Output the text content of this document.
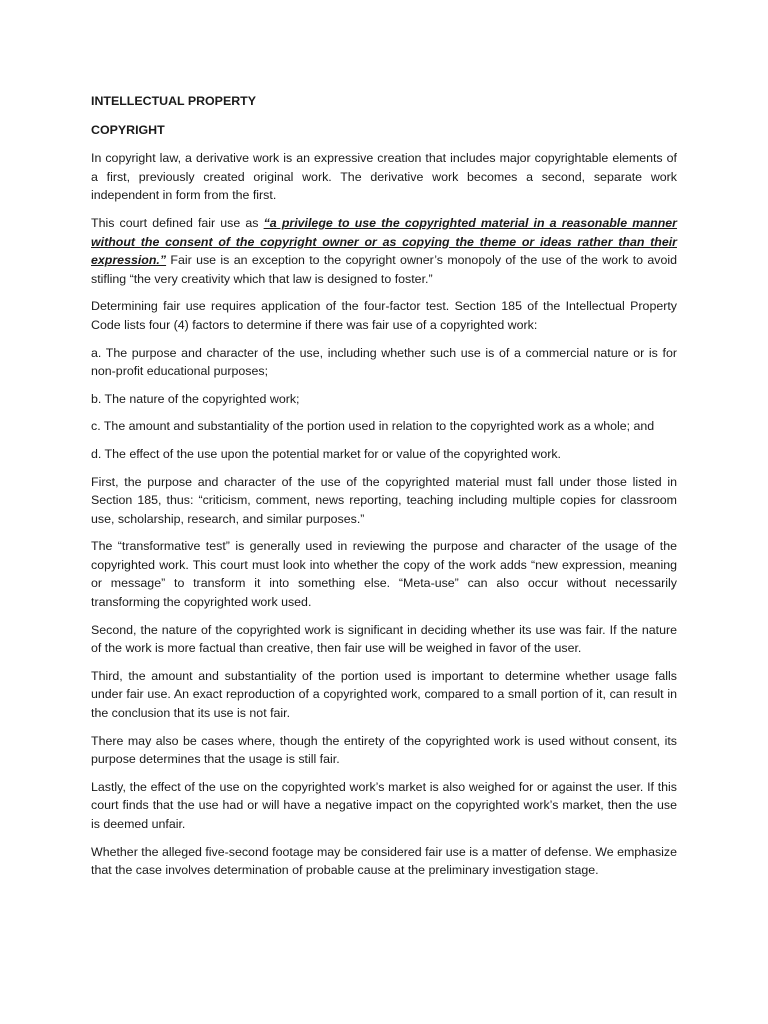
INTELLECTUAL PROPERTY
COPYRIGHT

In copyright law, a derivative work is an expressive creation that includes major copyrightable elements of a first, previously created original work. The derivative work becomes a second, separate work independent in form from the first.

This court defined fair use as “a privilege to use the copyrighted material in a reasonable manner without the consent of the copyright owner or as copying the theme or ideas rather than their expression.” Fair use is an exception to the copyright owner’s monopoly of the use of the work to avoid stifling “the very creativity which that law is designed to foster.”

Determining fair use requires application of the four-factor test. Section 185 of the Intellectual Property Code lists four (4) factors to determine if there was fair use of a copyrighted work:

a. The purpose and character of the use, including whether such use is of a commercial nature or is for non-profit educational purposes;

b. The nature of the copyrighted work;

c. The amount and substantiality of the portion used in relation to the copyrighted work as a whole; and

d. The effect of the use upon the potential market for or value of the copyrighted work.

First, the purpose and character of the use of the copyrighted material must fall under those listed in Section 185, thus: “criticism, comment, news reporting, teaching including multiple copies for classroom use, scholarship, research, and similar purposes.”

The “transformative test” is generally used in reviewing the purpose and character of the usage of the copyrighted work. This court must look into whether the copy of the work adds “new expression, meaning or message” to transform it into something else. “Meta-use” can also occur without necessarily transforming the copyrighted work used.

Second, the nature of the copyrighted work is significant in deciding whether its use was fair. If the nature of the work is more factual than creative, then fair use will be weighed in favor of the user.

Third, the amount and substantiality of the portion used is important to determine whether usage falls under fair use. An exact reproduction of a copyrighted work, compared to a small portion of it, can result in the conclusion that its use is not fair.

There may also be cases where, though the entirety of the copyrighted work is used without consent, its purpose determines that the usage is still fair.

Lastly, the effect of the use on the copyrighted work’s market is also weighed for or against the user. If this court finds that the use had or will have a negative impact on the copyrighted work’s market, then the use is deemed unfair.

Whether the alleged five-second footage may be considered fair use is a matter of defense. We emphasize that the case involves determination of probable cause at the preliminary investigation stage.
